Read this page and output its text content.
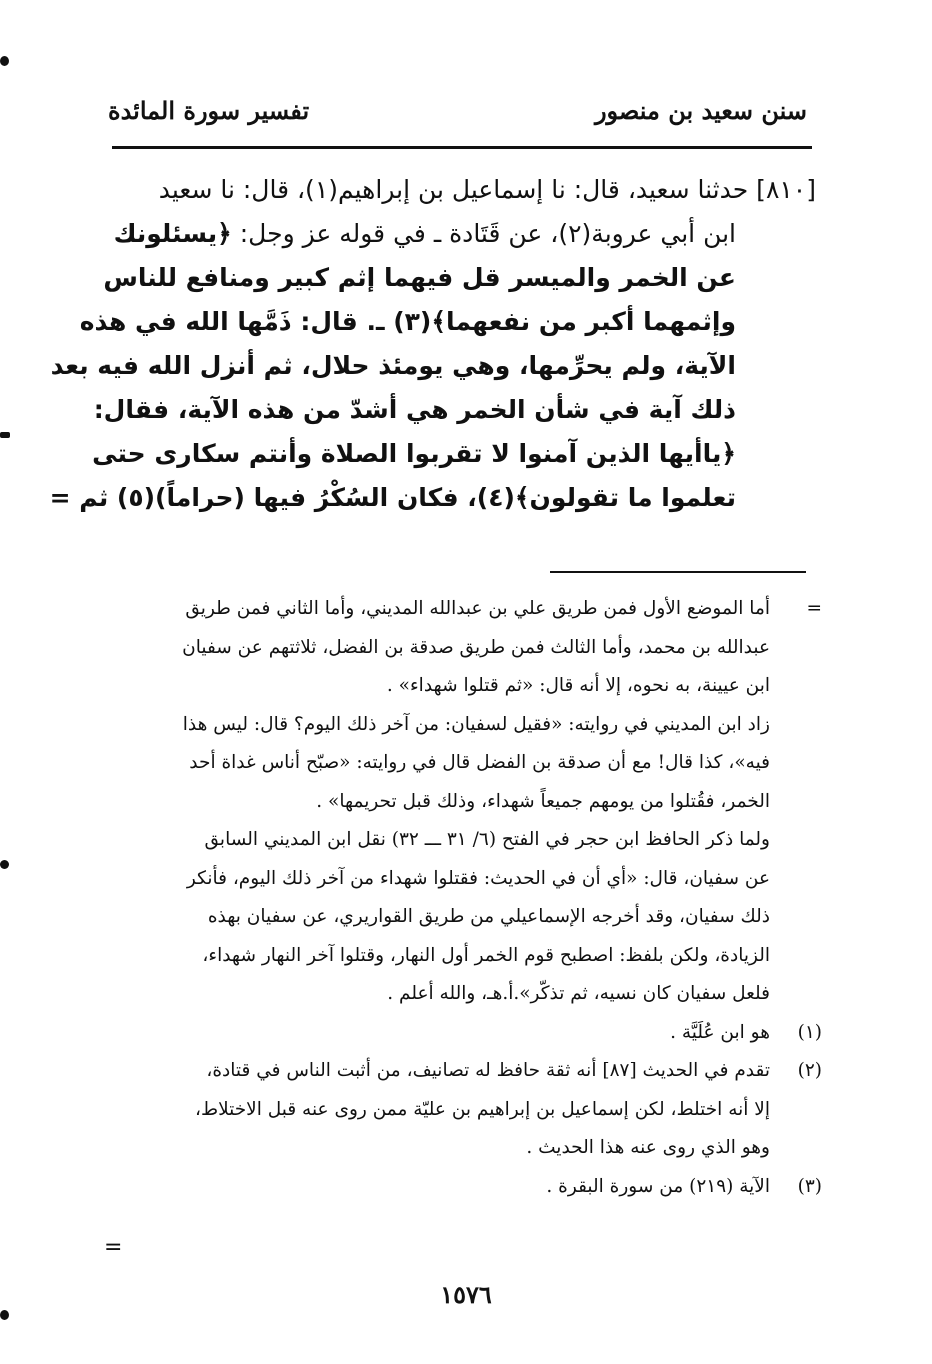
سنن سعيد بن منصور
تفسير سورة المائدة
[٨١٠] حدثنا سعيد، قال: نا إسماعيل بن إبراهيم(١)، قال: نا سعيد
ابن أبي عروبة(٢)، عن قَتَادة ـ في قوله عز وجل: ﴿يسئلونك
عن الخمر والميسر قل فيهما إثم كبير ومنافع للناس
وإثمهما أكبر من نفعهما﴾(٣) ـ. قال: ذَمَّها الله في هذه
الآية، ولم يحرِّمها، وهي يومئذ حلال، ثم أنزل الله فيه بعد
ذلك آية في شأن الخمر هي أشدّ من هذه الآية، فقال:
﴿ياأيها الذين آمنوا لا تقربوا الصلاة وأنتم سكارى حتى
تعلموا ما تقولون﴾(٤)، فكان السُكْرُ فيها (حراماً)(٥) ثم =
=أما الموضع الأول فمن طريق علي بن عبدالله المديني، وأما الثاني فمن طريق
عبدالله بن محمد، وأما الثالث فمن طريق صدقة بن الفضل، ثلاثتهم عن سفيان
ابن عيينة، به نحوه، إلا أنه قال: «ثم قتلوا شهداء» .
زاد ابن المديني في روايته: «فقيل لسفيان: من آخر ذلك اليوم؟ قال: ليس هذا
فيه»، كذا قال! مع أن صدقة بن الفضل قال في روايته: «صبّح أناس غداة أحد
الخمر، فقُتلوا من يومهم جميعاً شهداء، وذلك قبل تحريمها» .
ولما ذكر الحافظ ابن حجر في الفتح (٦/ ٣١ ـــ ٣٢) نقل ابن المديني السابق
عن سفيان، قال: «أي أن في الحديث: فقتلوا شهداء من آخر ذلك اليوم، فأنكر
ذلك سفيان، وقد أخرجه الإسماعيلي من طريق القواريري، عن سفيان بهذه
الزيادة، ولكن بلفظ: اصطبح قوم الخمر أول النهار، وقتلوا آخر النهار شهداء،
فلعل سفيان كان نسيه، ثم تذكّر».أ.هـ، والله أعلم .
(١)هو ابن عُلَيَّة .
(٢)تقدم في الحديث [٨٧] أنه ثقة حافظ له تصانيف، من أثبت الناس في قتادة،
إلا أنه اختلط، لكن إسماعيل بن إبراهيم بن عليّة ممن روى عنه قبل الاختلاط،
وهو الذي روى عنه هذا الحديث .
(٣)الآية (٢١٩) من سورة البقرة .
=
١٥٧٦
